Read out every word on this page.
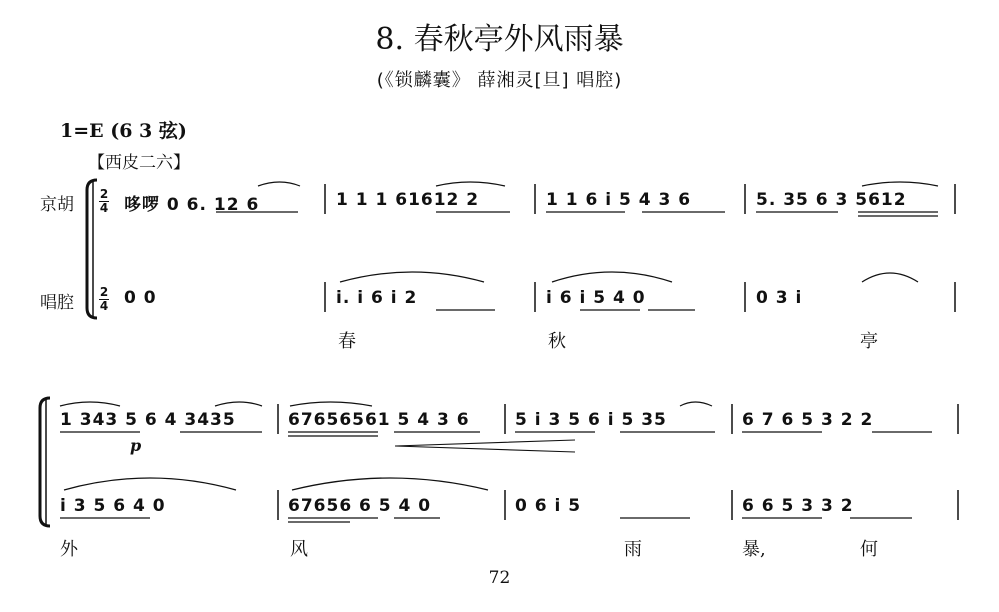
8. 春秋亭外风雨暴
(《锁麟囊》 薛湘灵[旦] 唱腔)
1=E (6 3 弦)
【西皮二六】
京胡
唱腔
2
4
2
4
哆啰 0 6. 12 6	1 1 1 61612 2	1 1 6 i 5 4 3 6	5. 35 6 3 5612
0 0	i. i 6 i 2	i 6 i 5 4 0	0 3 i
春	秋	亭
1 343 5 6 4 3435	67656561 5 4 3 6	5 i 3 5 6 i 5 35	6 7 6 5 3 2 2
p
i 3 5 6 4 0	67656 6 5 4 0	0 6 i 5	6 6 5 3 3 2
外	风	雨	暴,	何
72
